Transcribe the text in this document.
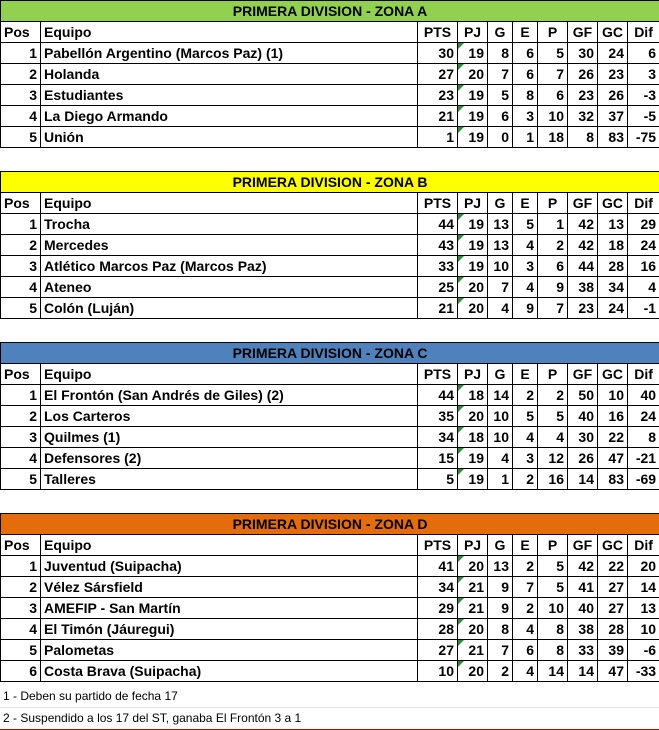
PRIMERA DIVISION - ZONA A									
Pos	Equipo	PTS	PJ	G	E	P	GF	GC	Dif
1	Pabellón Argentino (Marcos Paz) (1)	30	19	8	6	5	30	24	6
2	Holanda	27	20	7	6	7	26	23	3
3	Estudiantes	23	19	5	8	6	23	26	-3
4	La Diego Armando	21	19	6	3	10	32	37	-5
5	Unión	1	19	0	1	18	8	83	-75
PRIMERA DIVISION - ZONA B									
Pos	Equipo	PTS	PJ	G	E	P	GF	GC	Dif
1	Trocha	44	19	13	5	1	42	13	29
2	Mercedes	43	19	13	4	2	42	18	24
3	Atlético Marcos Paz (Marcos Paz)	33	19	10	3	6	44	28	16
4	Ateneo	25	20	7	4	9	38	34	4
5	Colón (Luján)	21	20	4	9	7	23	24	-1
PRIMERA DIVISION - ZONA C									
Pos	Equipo	PTS	PJ	G	E	P	GF	GC	Dif
1	El Frontón (San Andrés de Giles) (2)	44	18	14	2	2	50	10	40
2	Los Carteros	35	20	10	5	5	40	16	24
3	Quilmes (1)	34	18	10	4	4	30	22	8
4	Defensores (2)	15	19	4	3	12	26	47	-21
5	Talleres	5	19	1	2	16	14	83	-69
PRIMERA DIVISION - ZONA D									
Pos	Equipo	PTS	PJ	G	E	P	GF	GC	Dif
1	Juventud (Suipacha)	41	20	13	2	5	42	22	20
2	Vélez Sársfield	34	21	9	7	5	41	27	14
3	AMEFIP - San Martín	29	21	9	2	10	40	27	13
4	El Timón (Jáuregui)	28	20	8	4	8	38	28	10
5	Palometas	27	21	7	6	8	33	39	-6
6	Costa Brava (Suipacha)	10	20	2	4	14	14	47	-33
1 - Deben su partido de fecha 17
2 - Suspendido a los 17 del ST, ganaba El Frontón 3 a 1
